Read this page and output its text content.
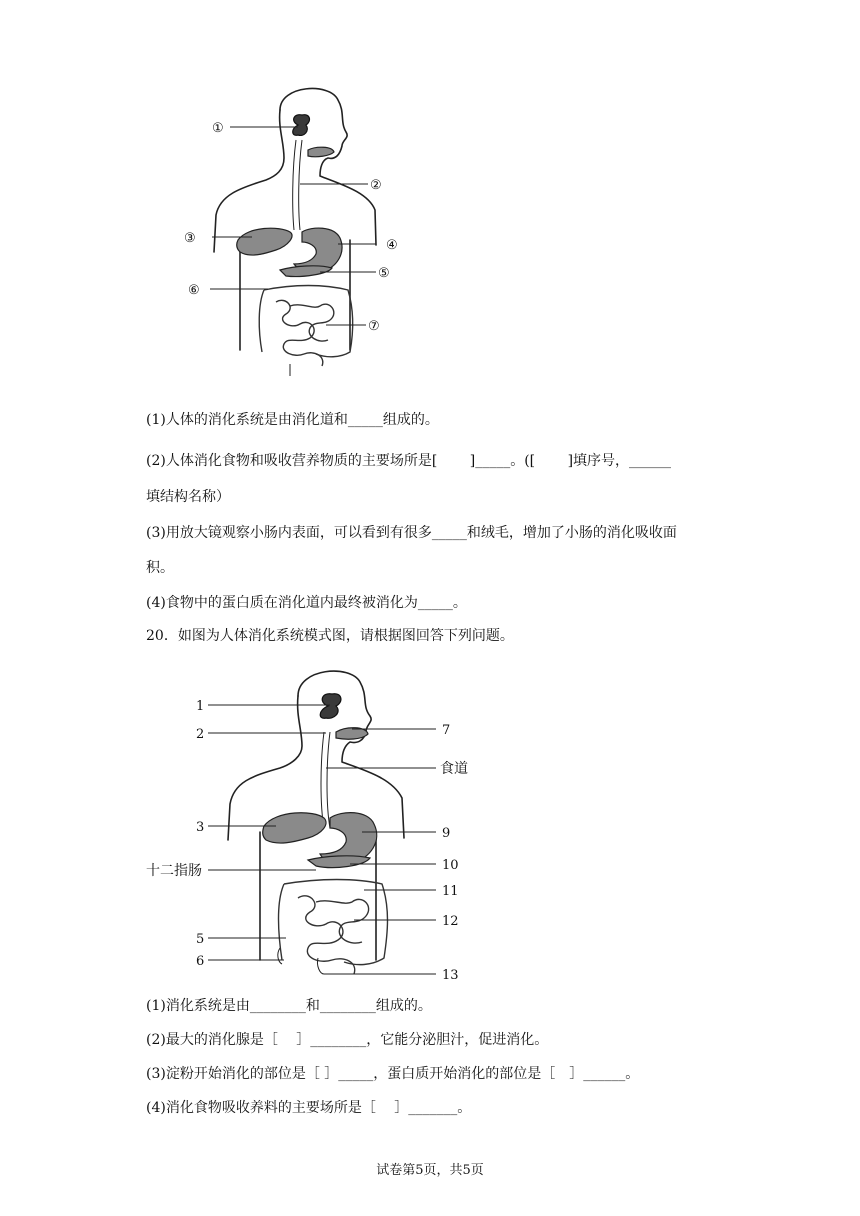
①
②
③	④
⑤
⑥
⑦
(1)人体的消化系统是由消化道和_____组成的。
(2)人体消化食物和吸收营养物质的主要场所是[　　 ]_____。([　　 ]填序号，______
填结构名称）
(3)用放大镜观察小肠内表面，可以看到有很多_____和绒毛，增加了小肠的消化吸收面
积。
(4)食物中的蛋白质在消化道内最终被消化为_____。
20．如图为人体消化系统模式图，请根据图回答下列问题。
1
2	7
食道
3	9
十二指肠	10
11
12
5
6
13
(1)消化系统是由________和________组成的。
(2)最大的消化腺是［　 ］________，它能分泌胆汁，促进消化。
(3)淀粉开始消化的部位是［ ］_____，蛋白质开始消化的部位是［　］______。
(4)消化食物吸收养料的主要场所是［　 ］_______。
试卷第5页，共5页
